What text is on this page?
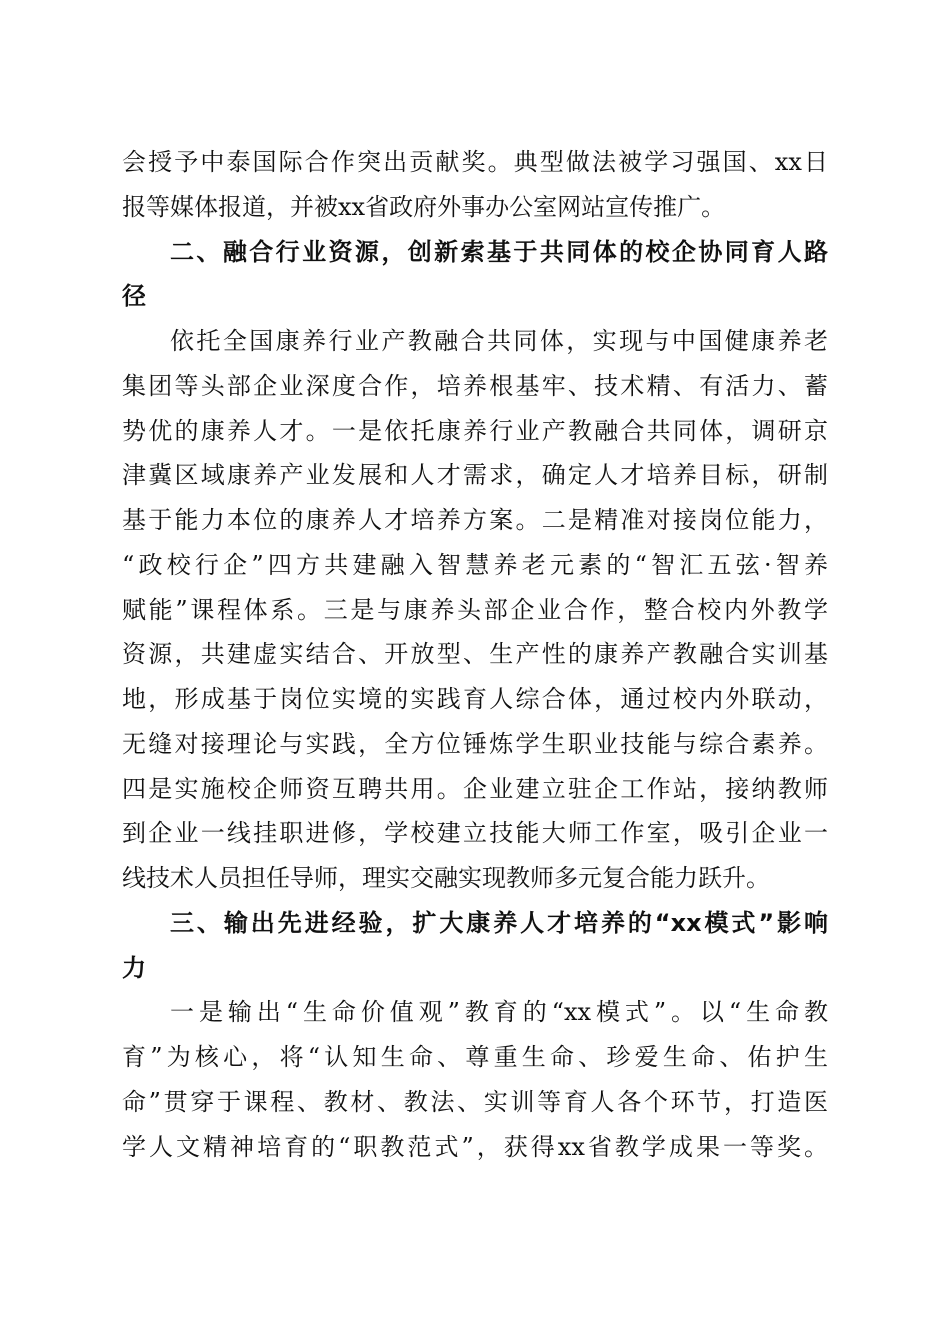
会授予中泰国际合作突出贡献奖。典型做法被学习强国、xx日
报等媒体报道，并被xx省政府外事办公室网站宣传推广。
二、融合行业资源，创新索基于共同体的校企协同育人路
径
依托全国康养行业产教融合共同体，实现与中国健康养老
集团等头部企业深度合作，培养根基牢、技术精、有活力、蓄
势优的康养人才。一是依托康养行业产教融合共同体，调研京
津冀区域康养产业发展和人才需求，确定人才培养目标，研制
基于能力本位的康养人才培养方案。二是精准对接岗位能力，
“政校行企”四方共建融入智慧养老元素的“智汇五弦·智养
赋能”课程体系。三是与康养头部企业合作，整合校内外教学
资源，共建虚实结合、开放型、生产性的康养产教融合实训基
地，形成基于岗位实境的实践育人综合体，通过校内外联动，
无缝对接理论与实践，全方位锤炼学生职业技能与综合素养。
四是实施校企师资互聘共用。企业建立驻企工作站，接纳教师
到企业一线挂职进修，学校建立技能大师工作室，吸引企业一
线技术人员担任导师，理实交融实现教师多元复合能力跃升。
三、输出先进经验，扩大康养人才培养的“xx模式”影响
力
一是输出“生命价值观”教育的“xx模式”。以“生命教
育”为核心，将“认知生命、尊重生命、珍爱生命、佑护生
命”贯穿于课程、教材、教法、实训等育人各个环节，打造医
学人文精神培育的“职教范式”，获得xx省教学成果一等奖。
